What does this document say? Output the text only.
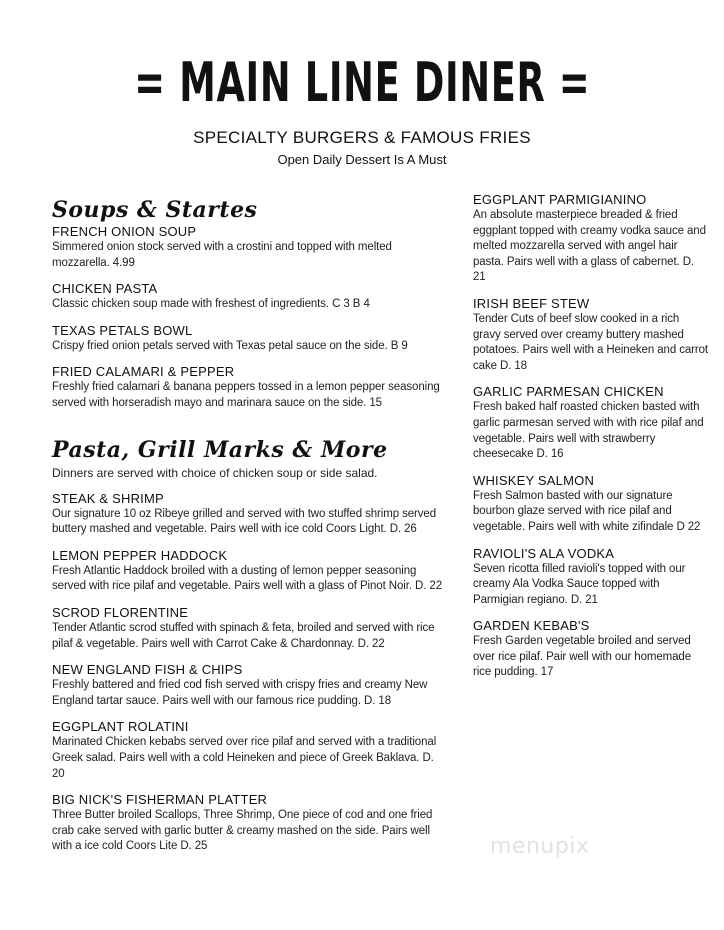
= MAIN LINE DINER =
SPECIALTY BURGERS & FAMOUS FRIES
Open Daily Dessert Is A Must
Soups & Startes
FRENCH ONION SOUP
Simmered onion stock served with a crostini and topped with melted mozzarella. 4.99
CHICKEN PASTA
Classic chicken soup made with freshest of ingredients. C 3 B 4
TEXAS PETALS BOWL
Crispy fried onion petals served with Texas petal sauce on the side. B 9
FRIED CALAMARI & PEPPER
Freshly fried calamari & banana peppers tossed in a lemon pepper seasoning served with horseradish mayo and marinara sauce on the side. 15
Pasta, Grill Marks & More
Dinners are served with choice of chicken soup or side salad.
STEAK & SHRIMP
Our signature 10 oz Ribeye grilled and served with two stuffed shrimp served buttery mashed and vegetable. Pairs well with ice cold Coors Light. D. 26
LEMON PEPPER HADDOCK
Fresh Atlantic Haddock broiled with a dusting of lemon pepper seasoning served with rice pilaf and vegetable. Pairs well with a glass of Pinot Noir. D. 22
SCROD FLORENTINE
Tender Atlantic scrod stuffed with spinach & feta, broiled and served with rice pilaf & vegetable. Pairs well with Carrot Cake & Chardonnay. D. 22
NEW ENGLAND FISH & CHIPS
Freshly battered and fried cod fish served with crispy fries and creamy New England tartar sauce. Pairs well with our famous rice pudding. D. 18
EGGPLANT ROLATINI
Marinated Chicken kebabs served over rice pilaf and served with a traditional Greek salad. Pairs well with a cold Heineken and piece of Greek Baklava. D. 20
BIG NICK'S FISHERMAN PLATTER
Three Butter broiled Scallops, Three Shrimp, One piece of cod and one fried crab cake served with garlic butter & creamy mashed on the side. Pairs well with a ice cold Coors Lite D. 25
EGGPLANT PARMIGIANINO
An absolute masterpiece breaded & fried eggplant topped with creamy vodka sauce and melted mozzarella served with angel hair pasta. Pairs well with a glass of cabernet. D. 21
IRISH BEEF STEW
Tender Cuts of beef slow cooked in a rich gravy served over creamy buttery mashed potatoes. Pairs well with a Heineken and carrot cake D. 18
GARLIC PARMESAN CHICKEN
Fresh baked half roasted chicken basted with garlic parmesan served with with rice pilaf and vegetable. Pairs well with strawberry cheesecake D. 16
WHISKEY SALMON
Fresh Salmon basted with our signature bourbon glaze served with rice pilaf and vegetable. Pairs well with white zifindale D 22
RAVIOLI'S ALA VODKA
Seven ricotta filled ravioli's topped with our creamy Ala Vodka Sauce topped with Parmigian regiano. D. 21
GARDEN KEBAB'S
Fresh Garden vegetable broiled and served over rice pilaf. Pair well with our homemade rice pudding. 17
menupix
